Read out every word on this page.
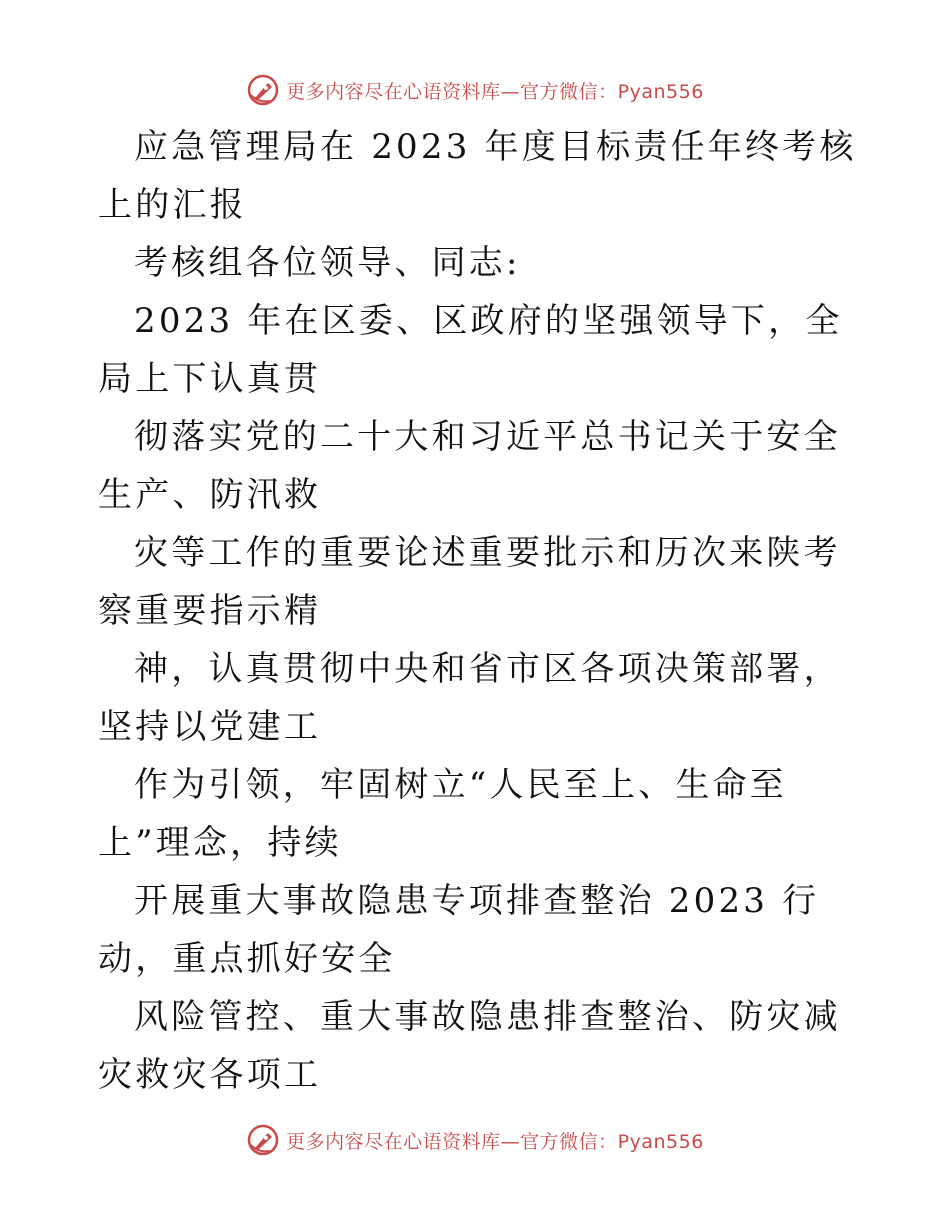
更多内容尽在心语资料库—官方微信：Pyan556

应急管理局在 2023 年度目标责任年终考核上的汇报

考核组各位领导、同志:

2023 年在区委、区政府的坚强领导下，全局上下认真贯

彻落实党的二十大和习近平总书记关于安全生产、防汛救

灾等工作的重要论述重要批示和历次来陕考察重要指示精

神，认真贯彻中央和省市区各项决策部署，坚持以党建工

作为引领，牢固树立“人民至上、生命至上”理念，持续

开展重大事故隐患专项排查整治 2023 行动，重点抓好安全

风险管控、重大事故隐患排查整治、防灾减灾救灾各项工

更多内容尽在心语资料库—官方微信：Pyan556
